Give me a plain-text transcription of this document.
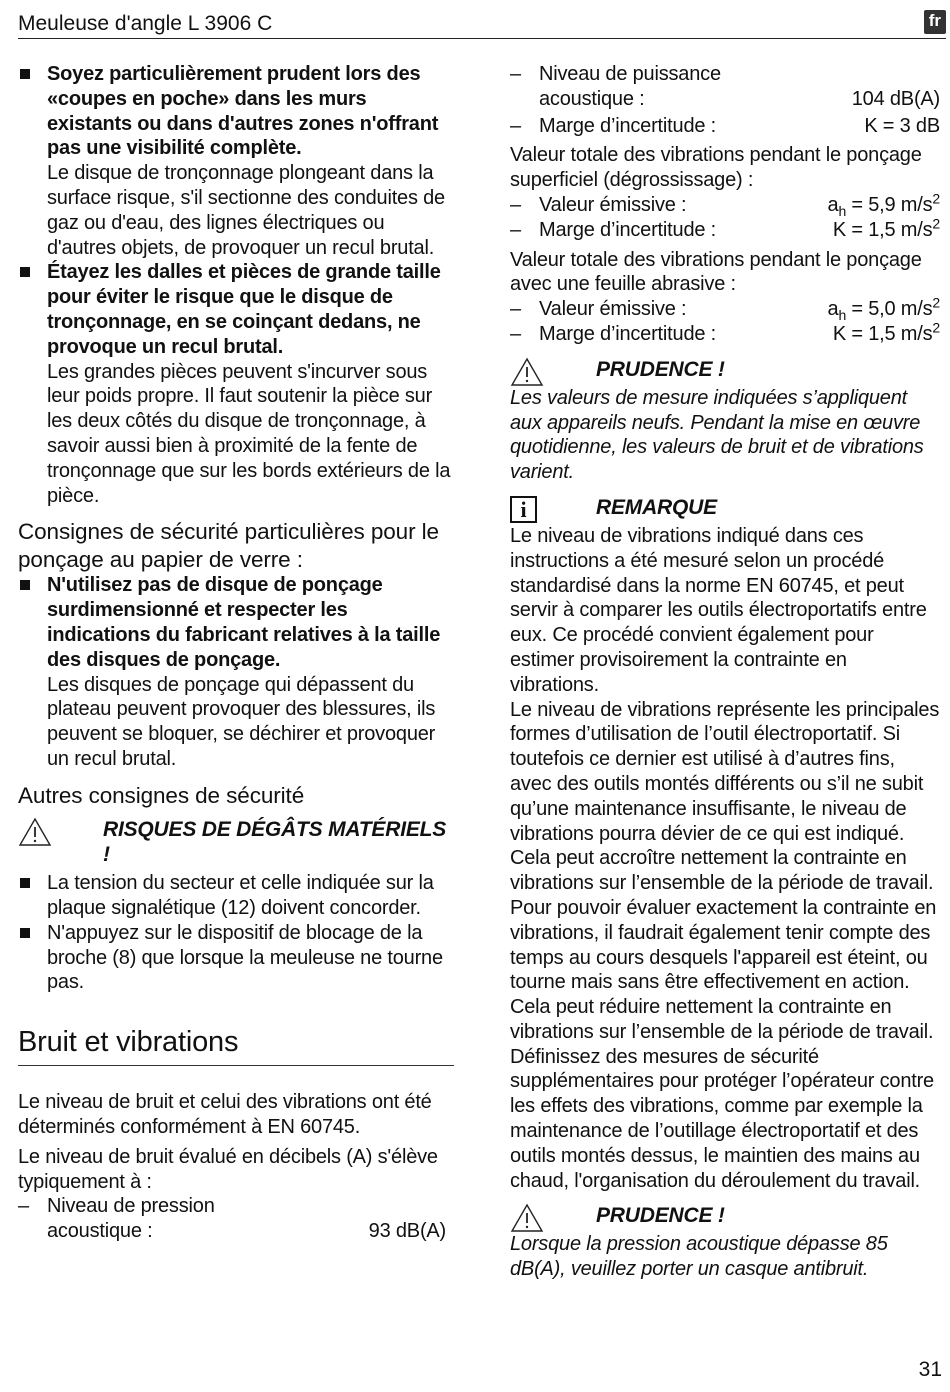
Meuleuse d'angle L 3906 C	fr
Soyez particulièrement prudent lors des «coupes en poche» dans les murs existants ou dans d'autres zones n'offrant pas une visibilité complète.
Le disque de tronçonnage plongeant dans la surface risque, s'il sectionne des conduites de gaz ou d'eau, des lignes électriques ou d'autres objets, de provoquer un recul brutal.
Étayez les dalles et pièces de grande taille pour éviter le risque que le disque de tronçonnage, en se coinçant dedans, ne provoque un recul brutal.
Les grandes pièces peuvent s'incurver sous leur poids propre. Il faut soutenir la pièce sur les deux côtés du disque de tronçonnage, à savoir aussi bien à proximité de la fente de tronçonnage que sur les bords extérieurs de la pièce.
Consignes de sécurité particulières pour le ponçage au papier de verre :
N'utilisez pas de disque de ponçage surdimensionné et respecter les indications du fabricant relatives à la taille des disques de ponçage.
Les disques de ponçage qui dépassent du plateau peuvent provoquer des blessures, ils peuvent se bloquer, se déchirer et provoquer un recul brutal.
Autres consignes de sécurité
RISQUES DE DÉGÂTS MATÉRIELS !
La tension du secteur et celle indiquée sur la plaque signalétique (12) doivent concorder.
N'appuyez sur le dispositif de blocage de la broche (8) que lorsque la meuleuse ne tourne pas.
Bruit et vibrations
Le niveau de bruit et celui des vibrations ont été déterminés conformément à EN 60745.
Le niveau de bruit évalué en décibels (A) s'élève typiquement à :
– Niveau de pression
acoustique :	93 dB(A)
– Niveau de puissance
acoustique :	104 dB(A)
– Marge d’incertitude :	K = 3 dB
Valeur totale des vibrations pendant le ponçage superficiel (dégrossissage) :
– Valeur émissive :	$a_h = 5,9$ $m/s^2$
– Marge d’incertitude :	K = 1,5 $m/s^2$
Valeur totale des vibrations pendant le ponçage avec une feuille abrasive :
– Valeur émissive :	$a_h = 5,0$ $m/s^2$
– Marge d’incertitude :	K = 1,5 $m/s^2$
PRUDENCE !
Les valeurs de mesure indiquées s’appliquent aux appareils neufs. Pendant la mise en œuvre quotidienne, les valeurs de bruit et de vibrations varient.
i	REMARQUE
Le niveau de vibrations indiqué dans ces instructions a été mesuré selon un procédé standardisé dans la norme EN 60745, et peut servir à comparer les outils électroportatifs entre eux. Ce procédé convient également pour estimer provisoirement la contrainte en vibrations.
Le niveau de vibrations représente les principales formes d’utilisation de l’outil électroportatif. Si toutefois ce dernier est utilisé à d’autres fins, avec des outils montés différents ou s’il ne subit qu’une maintenance insuffisante, le niveau de vibrations pourra dévier de ce qui est indiqué. Cela peut accroître nettement la contrainte en vibrations sur l’ensemble de la période de travail. Pour pouvoir évaluer exactement la contrainte en vibrations, il faudrait également tenir compte des temps au cours desquels l'appareil est éteint, ou tourne mais sans être effectivement en action.
Cela peut réduire nettement la contrainte en vibrations sur l’ensemble de la période de travail. Définissez des mesures de sécurité supplémentaires pour protéger l’opérateur contre les effets des vibrations, comme par exemple la maintenance de l’outillage électroportatif et des outils montés dessus, le maintien des mains au chaud, l'organisation du déroulement du travail.
PRUDENCE !
Lorsque la pression acoustique dépasse 85 dB(A), veuillez porter un casque antibruit.
31
